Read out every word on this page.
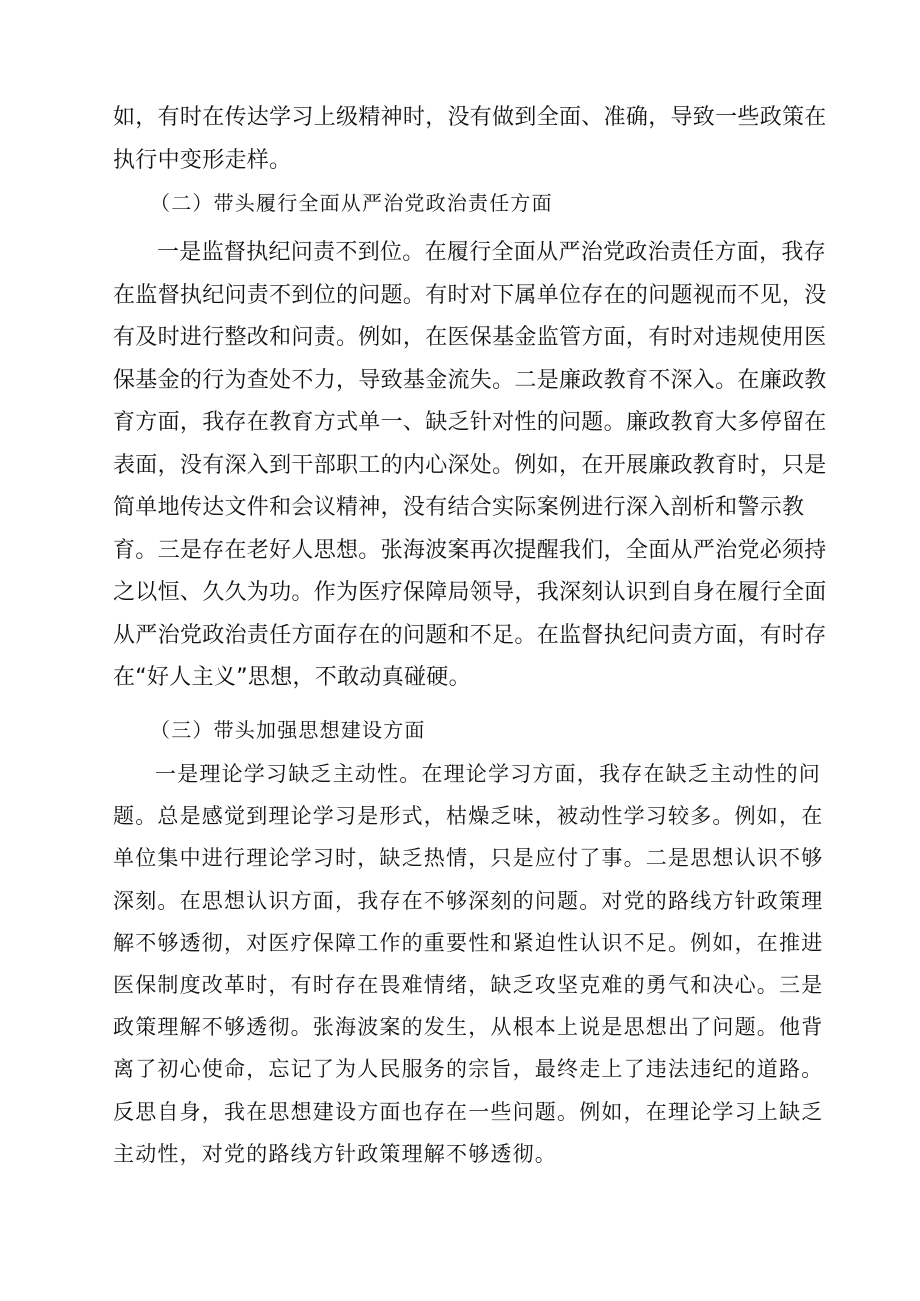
如，有时在传达学习上级精神时，没有做到全面、准确，导致一些政策在执行中变形走样。

（二）带头履行全面从严治党政治责任方面

一是监督执纪问责不到位。在履行全面从严治党政治责任方面，我存在监督执纪问责不到位的问题。有时对下属单位存在的问题视而不见，没有及时进行整改和问责。例如，在医保基金监管方面，有时对违规使用医保基金的行为查处不力，导致基金流失。二是廉政教育不深入。在廉政教育方面，我存在教育方式单一、缺乏针对性的问题。廉政教育大多停留在表面，没有深入到干部职工的内心深处。例如，在开展廉政教育时，只是简单地传达文件和会议精神，没有结合实际案例进行深入剖析和警示教育。三是存在老好人思想。张海波案再次提醒我们，全面从严治党必须持之以恒、久久为功。作为医疗保障局领导，我深刻认识到自身在履行全面从严治党政治责任方面存在的问题和不足。在监督执纪问责方面，有时存在“好人主义”思想，不敢动真碰硬。

（三）带头加强思想建设方面

一是理论学习缺乏主动性。在理论学习方面，我存在缺乏主动性的问题。总是感觉到理论学习是形式，枯燥乏味，被动性学习较多。例如，在单位集中进行理论学习时，缺乏热情，只是应付了事。二是思想认识不够深刻。在思想认识方面，我存在不够深刻的问题。对党的路线方针政策理解不够透彻，对医疗保障工作的重要性和紧迫性认识不足。例如，在推进医保制度改革时，有时存在畏难情绪，缺乏攻坚克难的勇气和决心。三是政策理解不够透彻。张海波案的发生，从根本上说是思想出了问题。他背离了初心使命，忘记了为人民服务的宗旨，最终走上了违法违纪的道路。反思自身，我在思想建设方面也存在一些问题。例如，在理论学习上缺乏主动性，对党的路线方针政策理解不够透彻。
